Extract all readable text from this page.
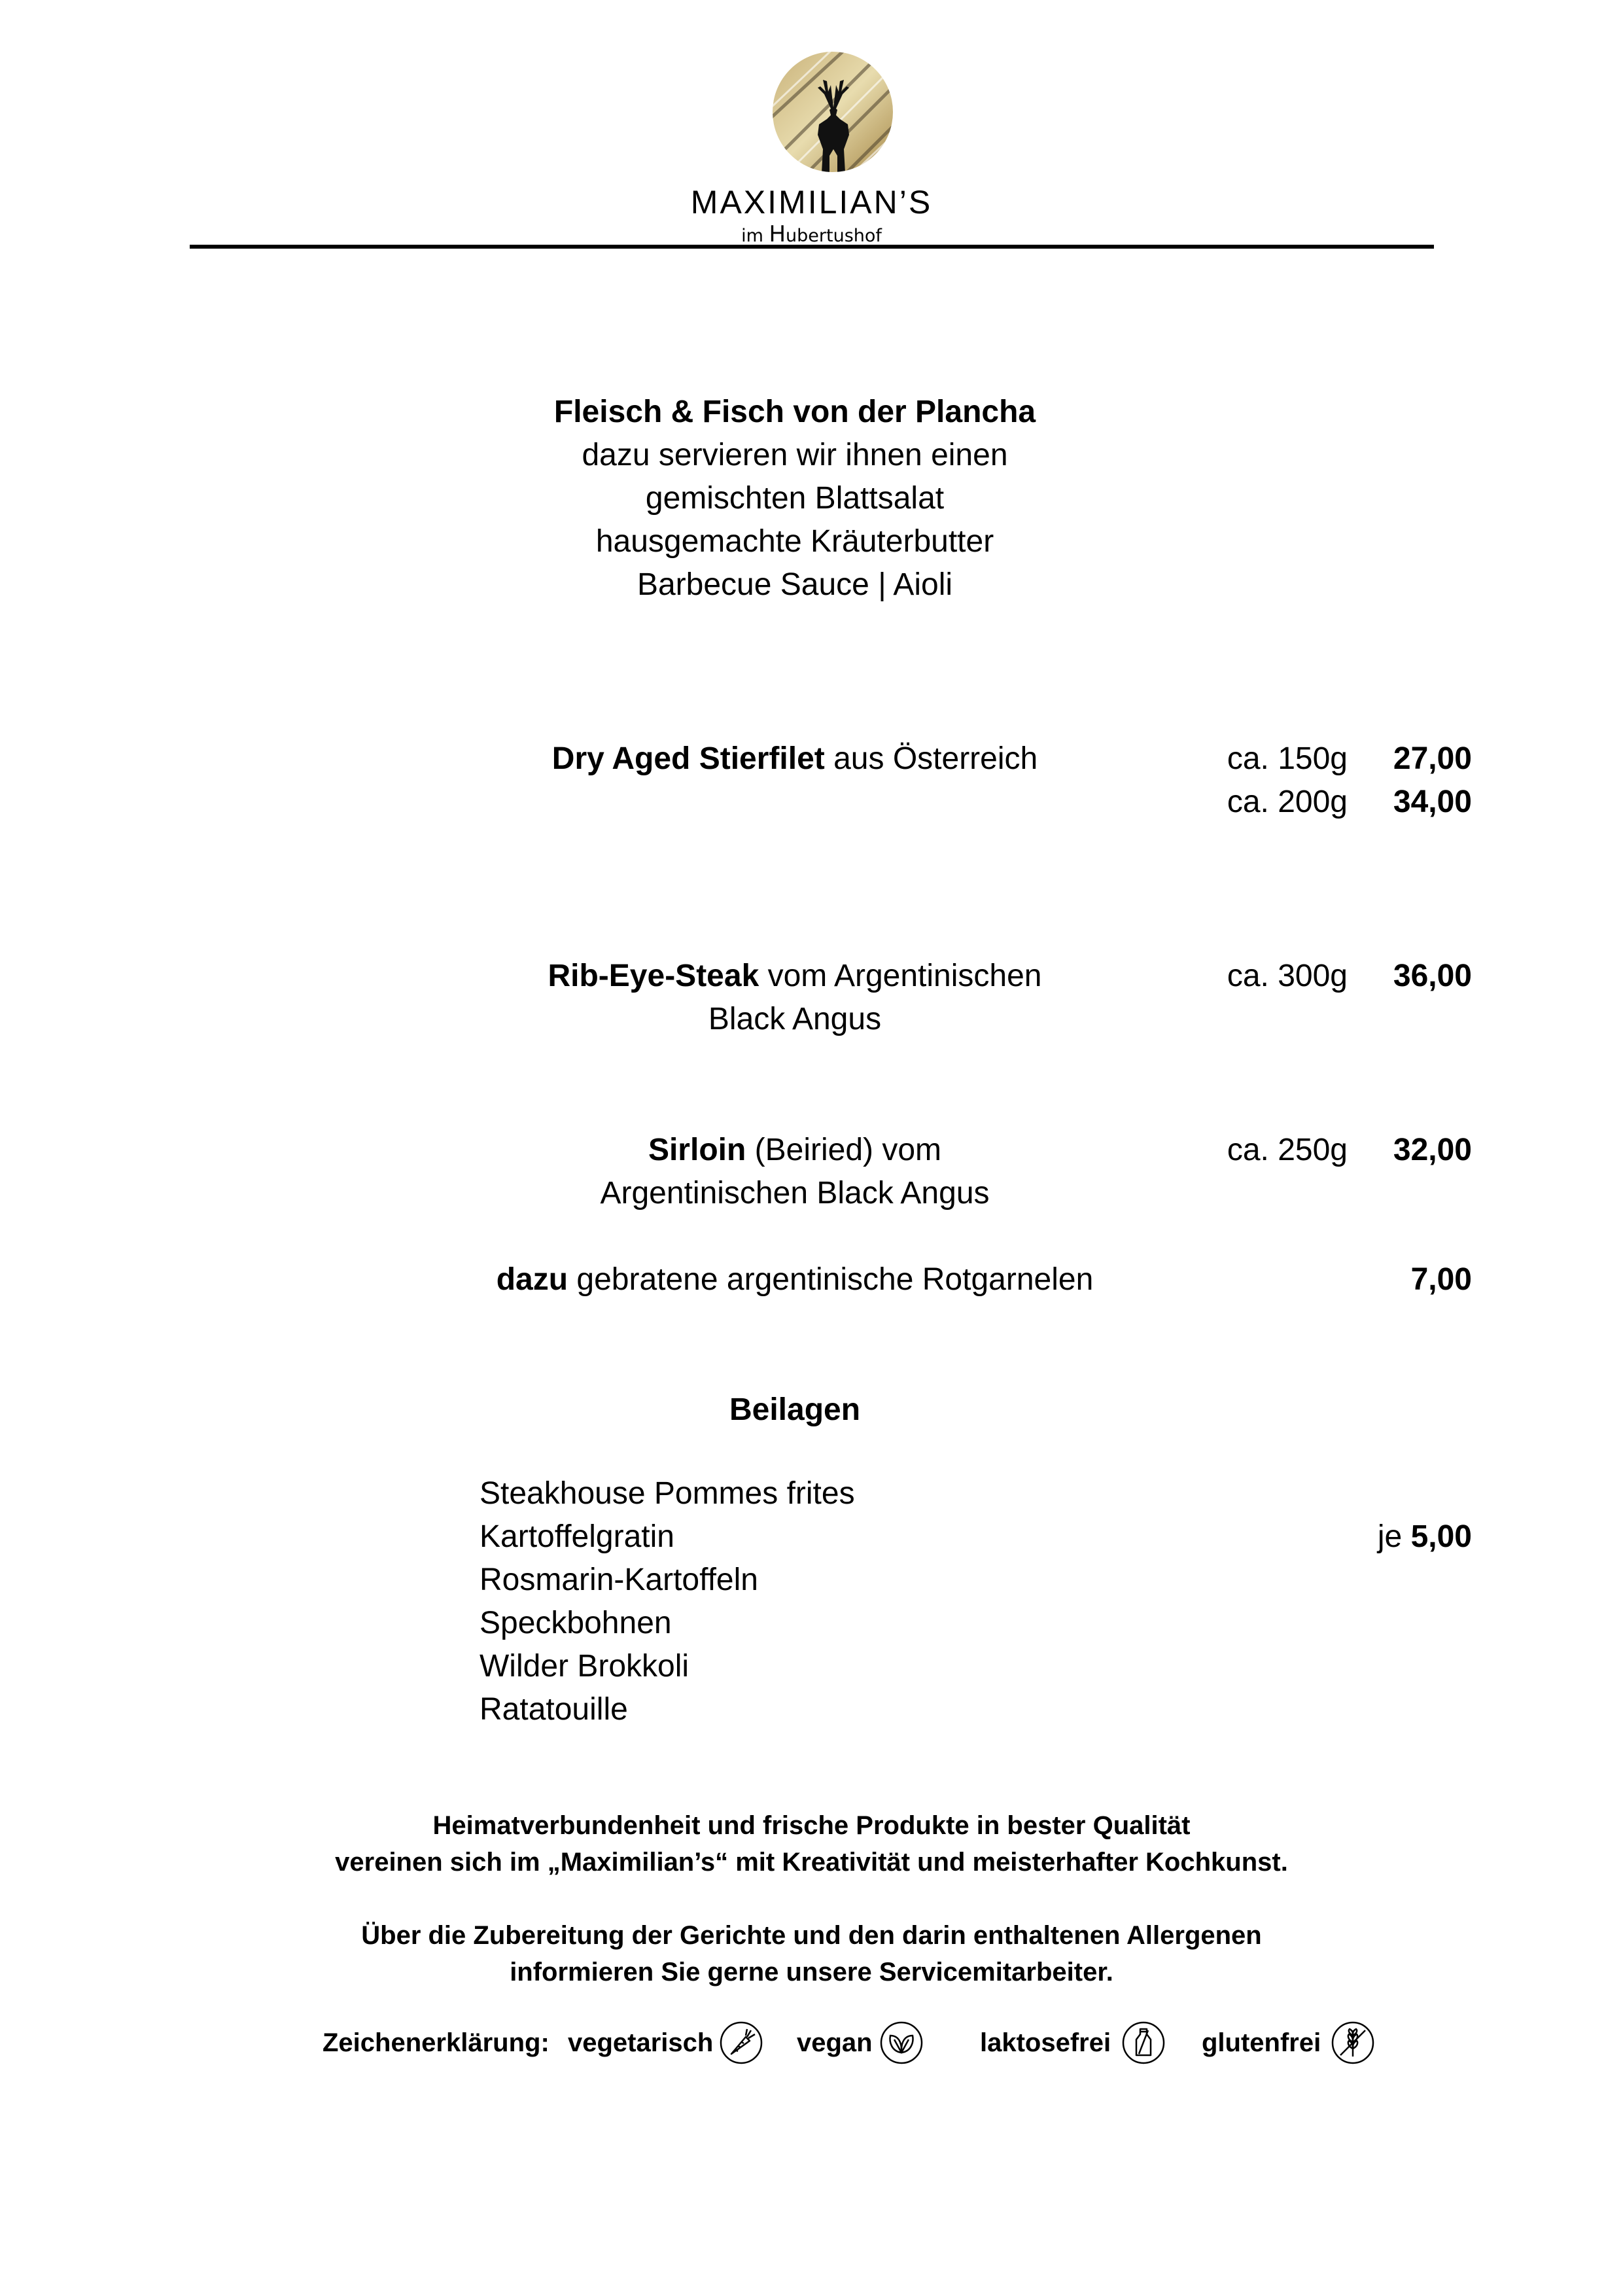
MAXIMILIAN’S
im Hubertushof
Fleisch & Fisch von der Plancha
dazu servieren wir ihnen einen
gemischten Blattsalat
hausgemachte Kräuterbutter
Barbecue Sauce | Aioli
Dry Aged Stierfilet aus Österreich	ca. 150g	27,00
ca. 200g	34,00
Rib-Eye-Steak vom Argentinischen
Black Angus
ca. 300g	36,00
Sirloin (Beiried) vom
Argentinischen Black Angus
ca. 250g	32,00
dazu gebratene argentinische Rotgarnelen	7,00
Beilagen
Steakhouse Pommes frites
Kartoffelgratin
Rosmarin-Kartoffeln
Speckbohnen
Wilder Brokkoli
Ratatouille
je 5,00
Heimatverbundenheit und frische Produkte in bester Qualität
vereinen sich im „Maximilian’s“ mit Kreativität und meisterhafter Kochkunst.
Über die Zubereitung der Gerichte und den darin enthaltenen Allergenen
informieren Sie gerne unsere Servicemitarbeiter.
Zeichenerklärung: vegetarisch	vegan	laktosefrei	glutenfrei
